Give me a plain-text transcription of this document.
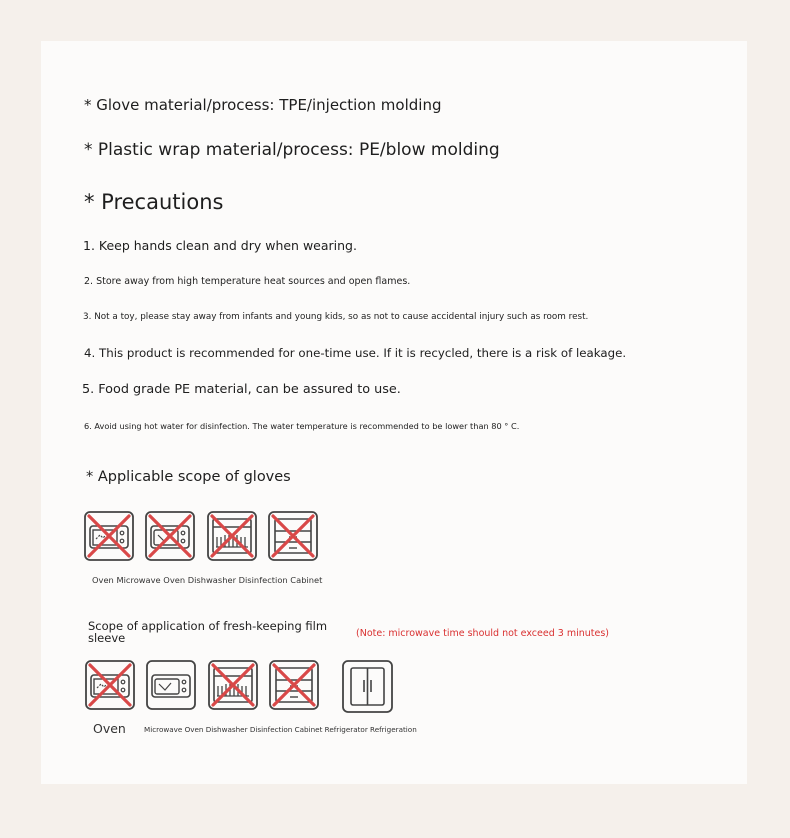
* Glove material/process: TPE/injection molding
* Plastic wrap material/process: PE/blow molding
* Precautions
1. Keep hands clean and dry when wearing.
2. Store away from high temperature heat sources and open flames.
3. Not a toy, please stay away from infants and young kids, so as not to cause accidental injury such as room rest.
4. This product is recommended for one-time use. If it is recycled, there is a risk of leakage.
5. Food grade PE material, can be assured to use.
6. Avoid using hot water for disinfection. The water temperature is recommended to be lower than 80 ° C.
* Applicable scope of gloves
Oven Microwave Oven Dishwasher Disinfection Cabinet
Scope of application of fresh-keeping film sleeve	(Note: microwave time should not exceed 3 minutes)
Oven	Microwave Oven Dishwasher Disinfection Cabinet Refrigerator Refrigeration
